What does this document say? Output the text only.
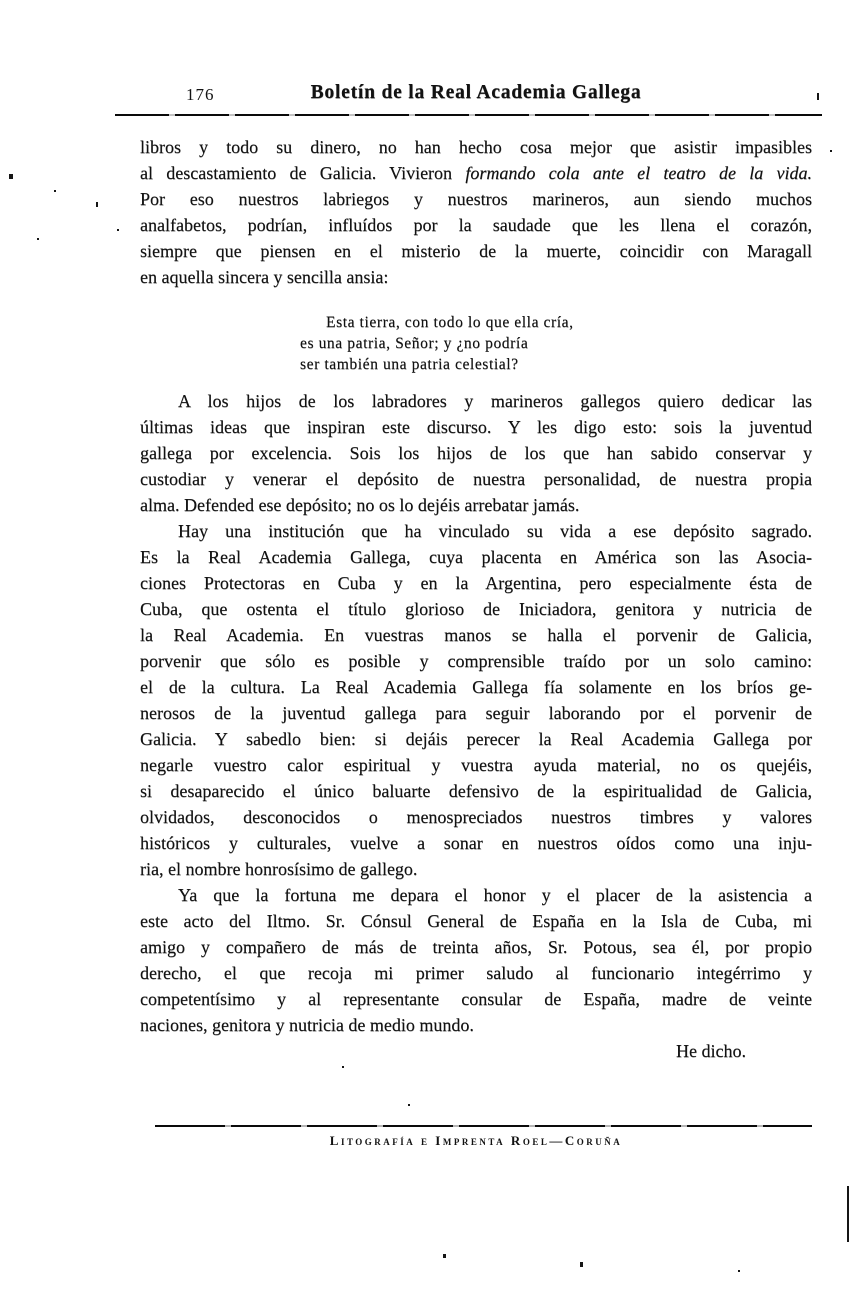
176	Boletín de la Real Academia Gallega
libros y todo su dinero, no han hecho cosa mejor que asistir impasibles
al descastamiento de Galicia. Vivieron formando cola ante el teatro de la vida.
Por eso nuestros labriegos y nuestros marineros, aun siendo muchos
analfabetos, podrían, influídos por la saudade que les llena el corazón,
siempre que piensen en el misterio de la muerte, coincidir con Maragall
en aquella sincera y sencilla ansia:
Esta tierra, con todo lo que ella cría,
es una patria, Señor; y ¿no podría
ser también una patria celestial?
A los hijos de los labradores y marineros gallegos quiero dedicar las
últimas ideas que inspiran este discurso. Y les digo esto: sois la juventud
gallega por excelencia. Sois los hijos de los que han sabido conservar y
custodiar y venerar el depósito de nuestra personalidad, de nuestra propia
alma. Defended ese depósito; no os lo dejéis arrebatar jamás.
Hay una institución que ha vinculado su vida a ese depósito sagrado.
Es la Real Academia Gallega, cuya placenta en América son las Asocia-
ciones Protectoras en Cuba y en la Argentina, pero especialmente ésta de
Cuba, que ostenta el título glorioso de Iniciadora, genitora y nutricia de
la Real Academia. En vuestras manos se halla el porvenir de Galicia,
porvenir que sólo es posible y comprensible traído por un solo camino:
el de la cultura. La Real Academia Gallega fía solamente en los bríos ge-
nerosos de la juventud gallega para seguir laborando por el porvenir de
Galicia. Y sabedlo bien: si dejáis perecer la Real Academia Gallega por
negarle vuestro calor espiritual y vuestra ayuda material, no os quejéis,
si desaparecido el único baluarte defensivo de la espiritualidad de Galicia,
olvidados, desconocidos o menospreciados nuestros timbres y valores
históricos y culturales, vuelve a sonar en nuestros oídos como una inju-
ria, el nombre honrosísimo de gallego.
Ya que la fortuna me depara el honor y el placer de la asistencia a
este acto del Iltmo. Sr. Cónsul General de España en la Isla de Cuba, mi
amigo y compañero de más de treinta años, Sr. Potous, sea él, por propio
derecho, el que recoja mi primer saludo al funcionario integérrimo y
competentísimo y al representante consular de España, madre de veinte
naciones, genitora y nutricia de medio mundo.
He dicho.
Litografía e Imprenta Roel—Coruña
